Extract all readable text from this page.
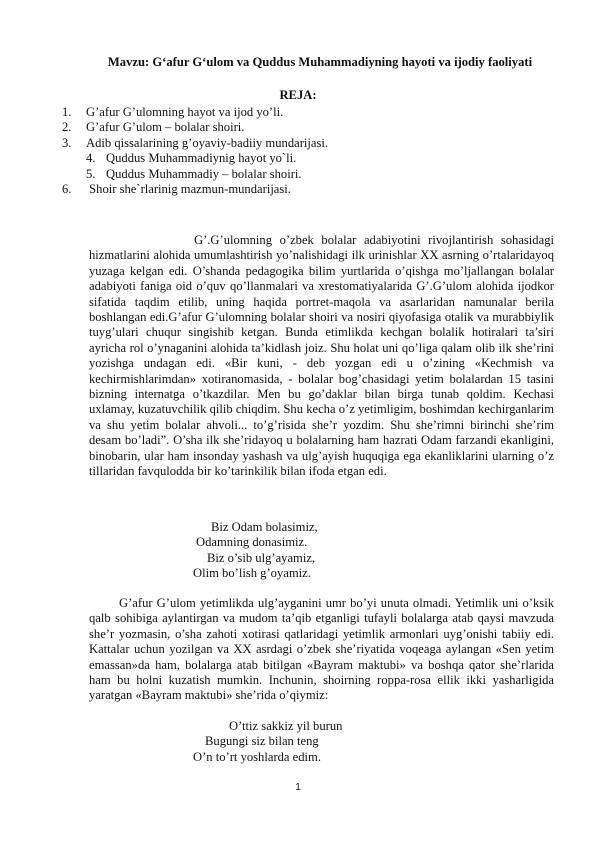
Mavzu: G‘afur G‘ulom va Quddus Muhammadiyning hayoti va ijodiy faoliyati
REJA:
1. G’afur G’ulomning hayot va ijod yo’li.
2. G’afur G’ulom – bolalar shoiri.
3. Adib qissalarining g’oyaviy-badiiy mundarijasi.
4. Quddus Muhammadiynig hayot yo`li.
5. Quddus Muhammadiy – bolalar shoiri.
6. Shoir she`rlarinig mazmun-mundarijasi.

G’.G’ulomning o’zbek bolalar adabiyotini rivojlantirish sohasidagi hizmatlarini alohida umumlashtirish yo’nalishidagi ilk urinishlar XX asrning o’rtalaridayoq yuzaga kelgan edi. O’shanda pedagogika bilim yurtlarida o’qishga mo’ljallangan bolalar adabiyoti faniga oid o’quv qo’llanmalari va xrestomatiyalarida G’.G’ulom alohida ijodkor sifatida taqdim etilib, uning haqida portret-maqola va asarlaridan namunalar berila boshlangan edi.G’afur G’ulomning bolalar shoiri va nosiri qiyofasiga otalik va murabbiylik tuyg’ulari chuqur singishib ketgan. Bunda etimlikda kechgan bolalik hotiralari ta’siri ayricha rol o’ynaganini alohida ta’kidlash joiz. Shu holat uni qo’liga qalam olib ilk she’rini yozishga undagan edi. «Bir kuni, - deb yozgan edi u o’zining «Kechmish va kechirmishlarimdan» xotiranomasida, - bolalar bog’chasidagi yetim bolalardan 15 tasini bizning internatga o’tkazdilar. Men bu go’daklar bilan birga tunab qoldim. Kechasi uxlamay, kuzatuvchilik qilib chiqdim. Shu kecha o’z yetimligim, boshimdan kechirganlarim va shu yetim bolalar ahvoli... to’g’risida she’r yozdim. Shu she’rimni birinchi she’rim desam bo’ladi”. O’sha ilk she’ridayoq u bolalarning ham hazrati Odam farzandi ekanligini, binobarin, ular ham insonday yashash va ulg’ayish huquqiga ega ekanliklarini ularning o’z tillaridan favqulodda bir ko’tarinkilik bilan ifoda etgan edi.

Biz Odam bolasimiz,
Odamning donasimiz.
Biz o’sib ulg’ayamiz,
Olim bo’lish g’oyamiz.

G’afur G’ulom yetimlikda ulg’ayganini umr bo’yi unuta olmadi. Yetimlik uni o’ksik qalb sohibiga aylantirgan va mudom ta’qib etganligi tufayli bolalarga atab qaysi mavzuda she’r yozmasin, o’sha zahoti xotirasi qatlaridagi yetimlik armonlari uyg’onishi tabiiy edi. Kattalar uchun yozilgan va XX asrdagi o’zbek she’riyatida voqeaga aylangan «Sen yetim emassan»da ham, bolalarga atab bitilgan «Bayram maktubi» va boshqa qator she’rlarida ham bu holni kuzatish mumkin. Inchunin, shoirning roppa-rosa ellik ikki yasharligida yaratgan «Bayram maktubi» she’rida o’qiymiz:

O’ttiz sakkiz yil burun
Bugungi siz bilan teng
O’n to’rt yoshlarda edim.
1
